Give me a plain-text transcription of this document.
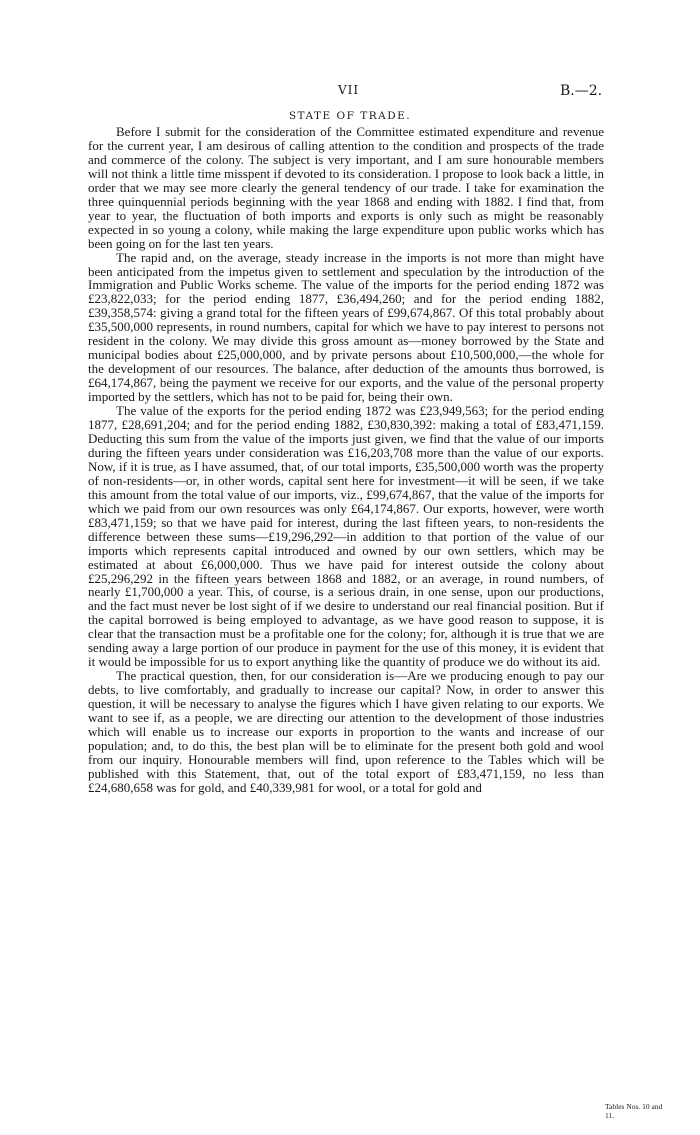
VII	B.—2.
STATE OF TRADE.

Before I submit for the consideration of the Committee estimated expenditure and revenue for the current year, I am desirous of calling attention to the condition and prospects of the trade and commerce of the colony. The subject is very important, and I am sure honourable members will not think a little time misspent if devoted to its consideration. I propose to look back a little, in order that we may see more clearly the general tendency of our trade. I take for examination the three quinquennial periods beginning with the year 1868 and ending with 1882. I find that, from year to year, the fluctuation of both imports and exports is only such as might be reasonably expected in so young a colony, while making the large expenditure upon public works which has been going on for the last ten years.

The rapid and, on the average, steady increase in the imports is not more than might have been anticipated from the impetus given to settlement and speculation by the introduction of the Immigration and Public Works scheme. The value of the imports for the period ending 1872 was £23,822,033; for the period ending 1877, £36,494,260; and for the period ending 1882, £39,358,574: giving a grand total for the fifteen years of £99,674,867. Of this total probably about £35,500,000 represents, in round numbers, capital for which we have to pay interest to persons not resident in the colony. We may divide this gross amount as—money borrowed by the State and municipal bodies about £25,000,000, and by private persons about £10,500,000,—the whole for the development of our resources. The balance, after deduction of the amounts thus borrowed, is £64,174,867, being the payment we receive for our exports, and the value of the personal property imported by the settlers, which has not to be paid for, being their own.

The value of the exports for the period ending 1872 was £23,949,563; for the period ending 1877, £28,691,204; and for the period ending 1882, £30,830,392: making a total of £83,471,159. Deducting this sum from the value of the imports just given, we find that the value of our imports during the fifteen years under consideration was £16,203,708 more than the value of our exports. Now, if it is true, as I have assumed, that, of our total imports, £35,500,000 worth was the property of non-residents—or, in other words, capital sent here for investment—it will be seen, if we take this amount from the total value of our imports, viz., £99,674,867, that the value of the imports for which we paid from our own resources was only £64,174,867. Our exports, however, were worth £83,471,159; so that we have paid for interest, during the last fifteen years, to non-residents the difference between these sums—£19,296,292—in addition to that portion of the value of our imports which represents capital introduced and owned by our own settlers, which may be estimated at about £6,000,000. Thus we have paid for interest outside the colony about £25,296,292 in the fifteen years between 1868 and 1882, or an average, in round numbers, of nearly £1,700,000 a year. This, of course, is a serious drain, in one sense, upon our productions, and the fact must never be lost sight of if we desire to understand our real financial position. But if the capital borrowed is being employed to advantage, as we have good reason to suppose, it is clear that the transaction must be a profitable one for the colony; for, although it is true that we are sending away a large portion of our produce in payment for the use of this money, it is evident that it would be impossible for us to export anything like the quantity of produce we do without its aid.

The practical question, then, for our consideration is—Are we producing enough to pay our debts, to live comfortably, and gradually to increase our capital? Now, in order to answer this question, it will be necessary to analyse the figures which I have given relating to our exports. We want to see if, as a people, we are directing our attention to the development of those industries which will enable us to increase our exports in proportion to the wants and increase of our population; and, to do this, the best plan will be to eliminate for the present both gold and wool from our inquiry. Honourable members will find, upon reference to the Tables which will be published with this Statement, that, out of the total export of £83,471,159, no less than £24,680,658 was for gold, and £40,339,981 for wool, or a total for gold and

Tables Nos. 10 and 11.
